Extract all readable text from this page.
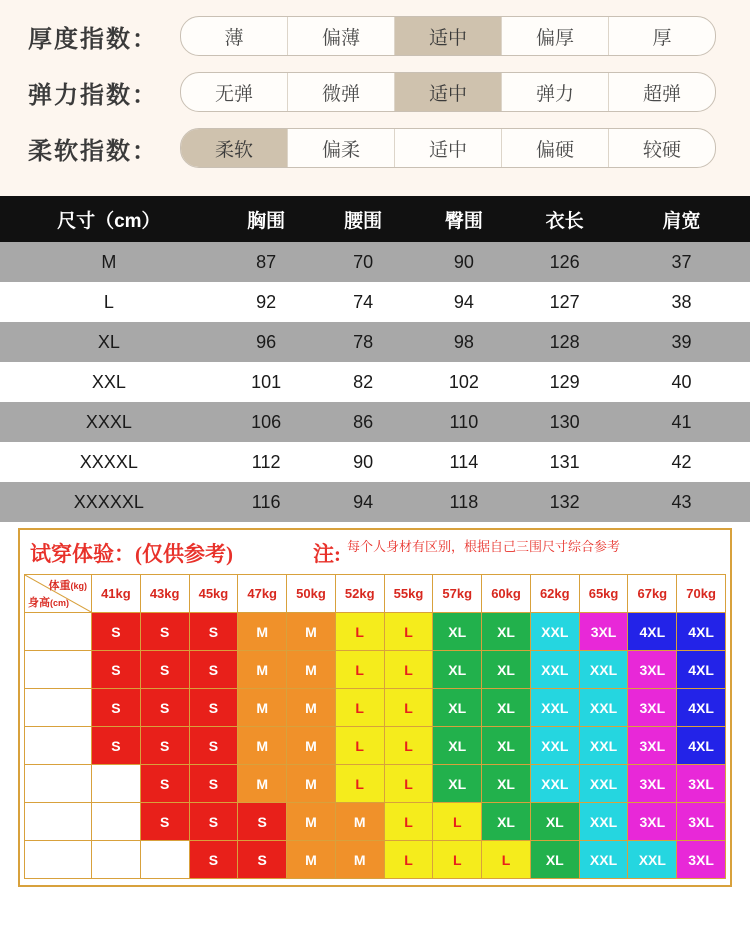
厚度指数：	薄	偏薄	适中	偏厚	厚
弹力指数：	无弹	微弹	适中	弹力	超弹
柔软指数：	柔软	偏柔	适中	偏硬	较硬
尺寸（cm）	胸围	腰围	臀围	衣长	肩宽
M	87	70	90	126	37
L	92	74	94	127	38
XL	96	78	98	128	39
XXL	101	82	102	129	40
XXXL	106	86	110	130	41
XXXXL	112	90	114	131	42
XXXXXL	116	94	118	132	43
试穿体验：(仅供参考)	注: 每个人身材有区别，根据自己三围尺寸综合参考
体重(kg)
身高(cm)	41kg	43kg	45kg	47kg	50kg	52kg	55kg	57kg	60kg	62kg	65kg	67kg	70kg
155cm	S	S	S	M	M	L	L	XL	XL	XXL	3XL	4XL	4XL
158cm	S	S	S	M	M	L	L	XL	XL	XXL	XXL	3XL	4XL
160cm	S	S	S	M	M	L	L	XL	XL	XXL	XXL	3XL	4XL
163cm	S	S	S	M	M	L	L	XL	XL	XXL	XXL	3XL	4XL
165cm		S	S	M	M	L	L	XL	XL	XXL	XXL	3XL	3XL
168cm		S	S	S	M	M	L	L	XL	XL	XXL	3XL	3XL
170cm			S	S	M	M	L	L	L	XL	XXL	XXL	3XL
